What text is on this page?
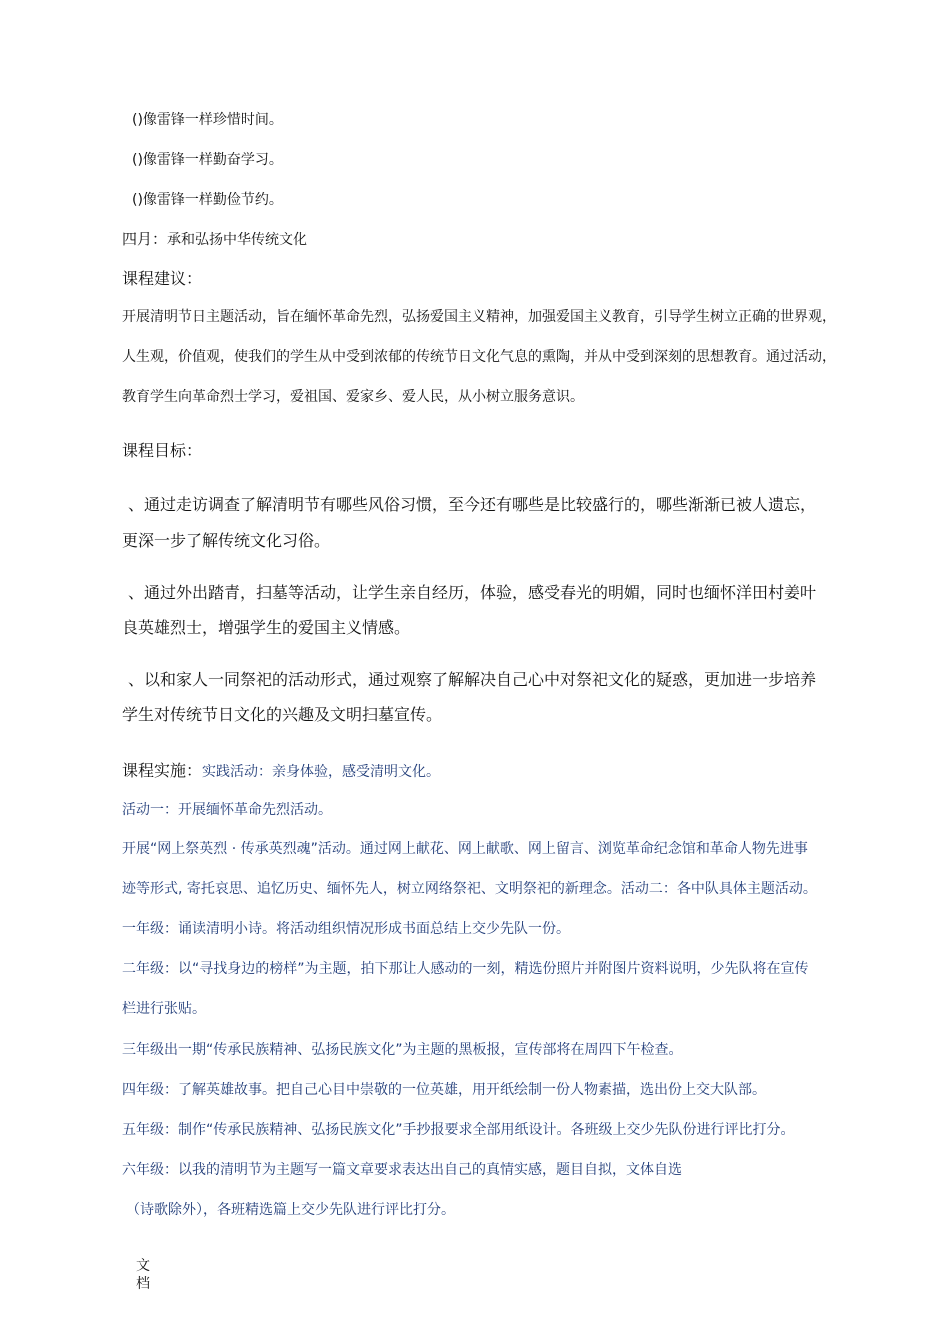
()像雷锋一样珍惜时间。

()像雷锋一样勤奋学习。

()像雷锋一样勤俭节约。

四月：承和弘扬中华传统文化

课程建议：

开展清明节日主题活动，旨在缅怀革命先烈，弘扬爱国主义精神，加强爱国主义教育，引导学生树立正确的世界观，

人生观，价值观，使我们的学生从中受到浓郁的传统节日文化气息的熏陶，并从中受到深刻的思想教育。通过活动，

教育学生向革命烈士学习，爱祖国、爱家乡、爱人民，从小树立服务意识。

课程目标：

、通过走访调查了解清明节有哪些风俗习惯，至今还有哪些是比较盛行的，哪些渐渐已被人遗忘，

更深一步了解传统文化习俗。

、通过外出踏青，扫墓等活动，让学生亲自经历，体验，感受春光的明媚，同时也缅怀洋田村姜叶

良英雄烈士，增强学生的爱国主义情感。

、以和家人一同祭祀的活动形式，通过观察了解解决自己心中对祭祀文化的疑惑，更加进一步培养

学生对传统节日文化的兴趣及文明扫墓宣传。

课程实施：实践活动：亲身体验，感受清明文化。

活动一：开展缅怀革命先烈活动。

开展“网上祭英烈 · 传承英烈魂”活动。通过网上献花、网上献歌、网上留言、浏览革命纪念馆和革命人物先进事

迹等形式, 寄托哀思、追忆历史、缅怀先人，树立网络祭祀、文明祭祀的新理念。活动二：各中队具体主题活动。

一年级：诵读清明小诗。将活动组织情况形成书面总结上交少先队一份。

二年级：以“寻找身边的榜样”为主题，拍下那让人感动的一刻，精选份照片并附图片资料说明，少先队将在宣传

栏进行张贴。

三年级出一期“传承民族精神、弘扬民族文化”为主题的黑板报，宣传部将在周四下午检查。

四年级：了解英雄故事。把自己心目中崇敬的一位英雄，用开纸绘制一份人物素描，选出份上交大队部。

五年级：制作“传承民族精神、弘扬民族文化”手抄报要求全部用纸设计。各班级上交少先队份进行评比打分。

六年级：以我的清明节为主题写一篇文章要求表达出自己的真情实感，题目自拟，文体自选

（诗歌除外），各班精选篇上交少先队进行评比打分。

文
档
